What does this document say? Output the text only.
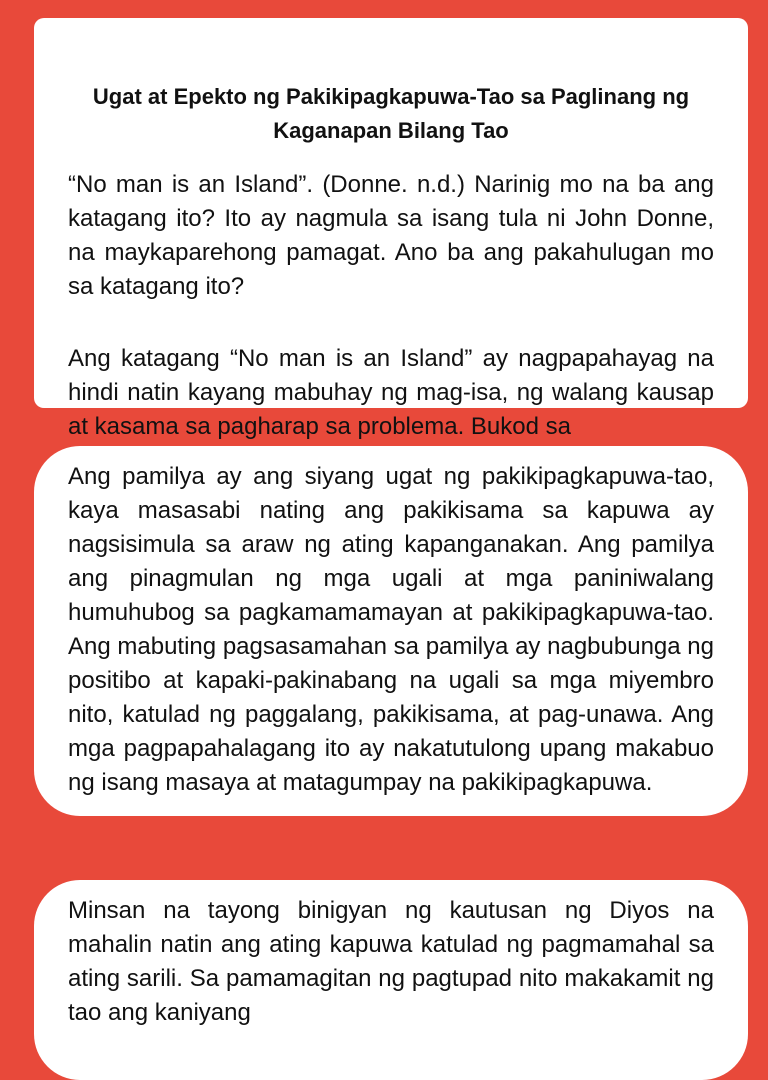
Ugat at Epekto ng Pakikipagkapuwa-Tao sa Paglinang ng Kaganapan Bilang Tao

“No man is an Island”. (Donne. n.d.) Narinig mo na ba ang katagang ito? Ito ay nagmula sa isang tula ni John Donne, na maykaparehong pamagat. Ano ba ang pakahulugan mo sa katagang ito?

Ang katagang “No man is an Island” ay nagpapahayag na hindi natin kayang mabuhay ng mag-isa, ng walang kausap at kasama sa pagharap sa problema. Bukod sa

Ang pamilya ay ang siyang ugat ng pakikipagkapuwa-tao, kaya masasabi nating ang pakikisama sa kapuwa ay nagsisimula sa araw ng ating kapanganakan. Ang pamilya ang pinagmulan ng mga ugali at mga paniniwalang humuhubog sa pagkamamamayan at pakikipagkapuwa-tao. Ang mabuting pagsasamahan sa pamilya ay nagbubunga ng positibo at kapaki-pakinabang na ugali sa mga miyembro nito, katulad ng paggalang, pakikisama, at pag-unawa. Ang mga pagpapahalagang ito ay nakatutulong upang makabuo ng isang masaya at matagumpay na pakikipagkapuwa.

Minsan na tayong binigyan ng kautusan ng Diyos na mahalin natin ang ating kapuwa katulad ng pagmamahal sa ating sarili. Sa pamamagitan ng pagtupad nito makakamit ng tao ang kaniyang
